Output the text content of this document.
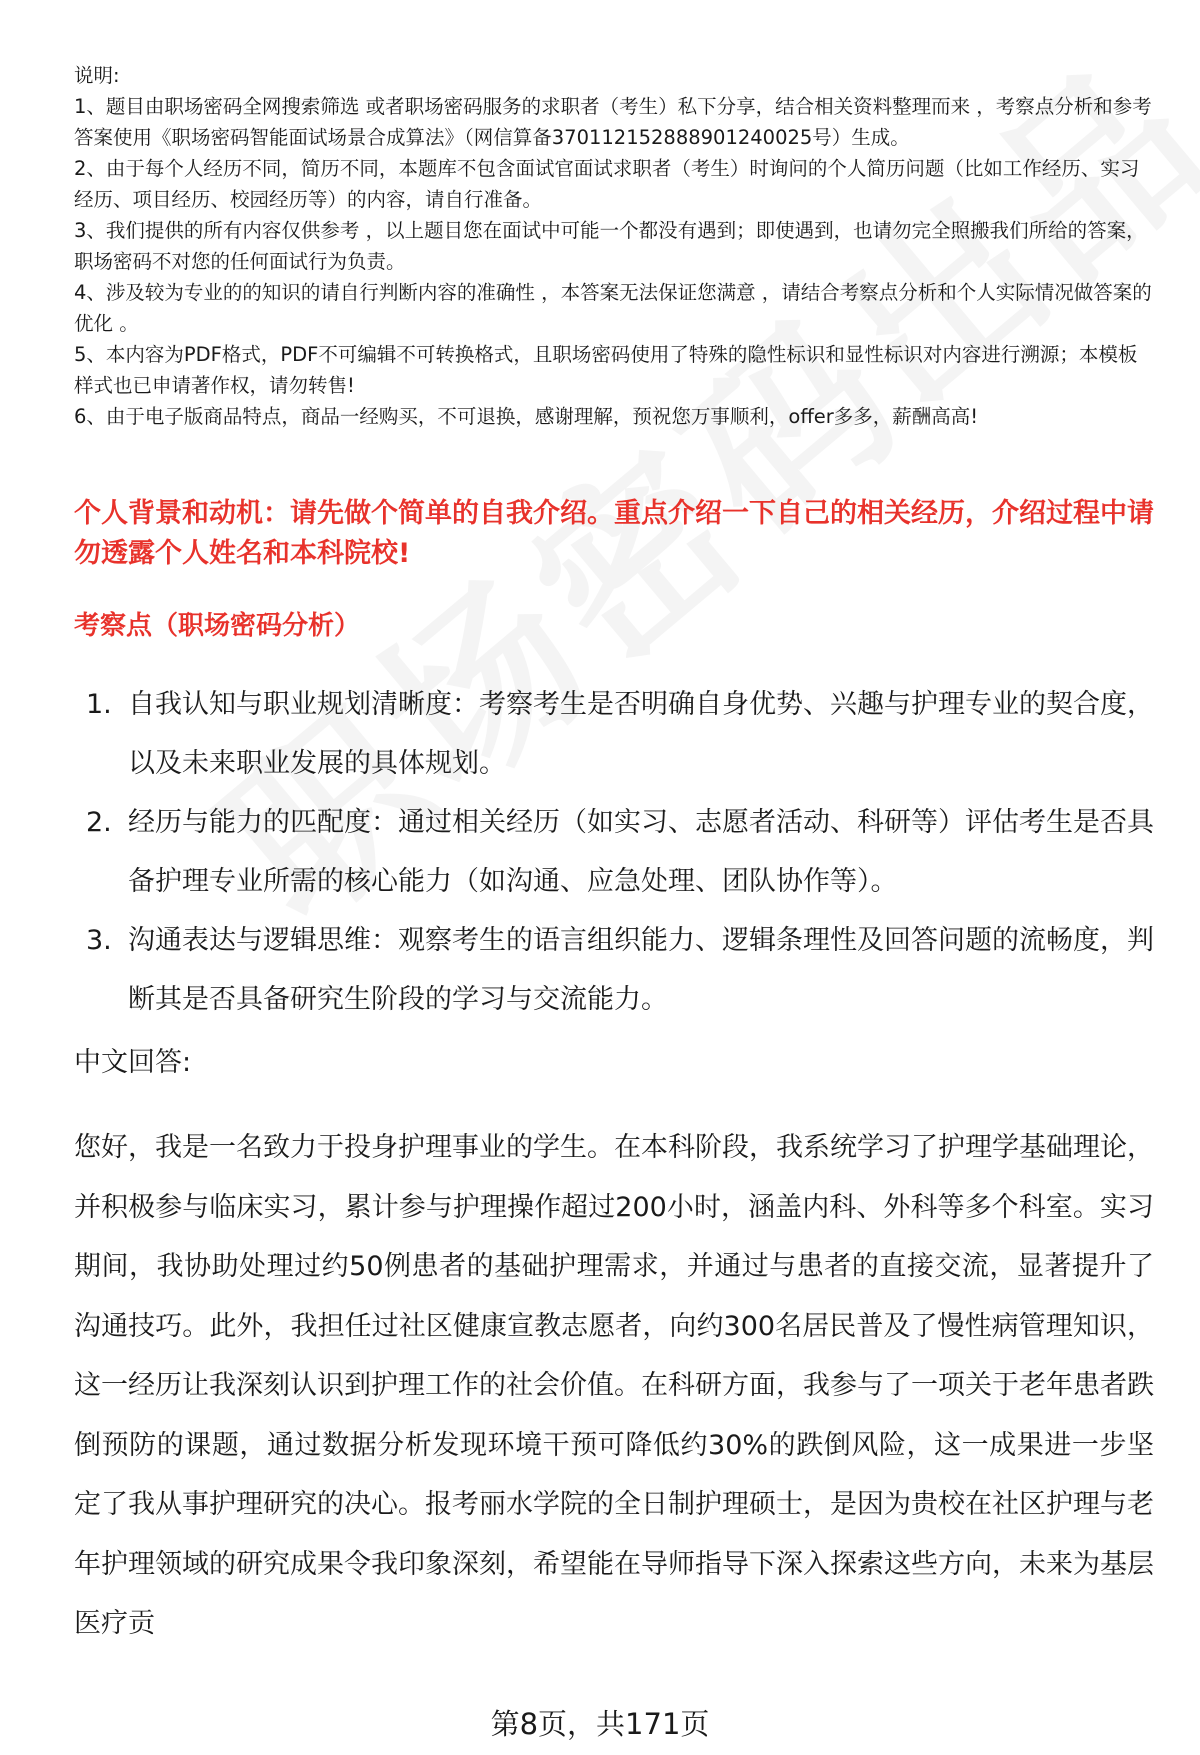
说明:

1、题目由职场密码全网搜索筛选 或者职场密码服务的求职者（考生）私下分享，结合相关资料整理而来 ，考察点分析和参考答案使用《职场密码智能面试场景合成算法》（网信算备370112152888901240025号）生成。

2、由于每个人经历不同，简历不同，本题库不包含面试官面试求职者（考生）时询问的个人简历问题（比如工作经历、实习经历、项目经历、校园经历等）的内容，请自行准备。

3、我们提供的所有内容仅供参考 ，以上题目您在面试中可能一个都没有遇到；即使遇到，也请勿完全照搬我们所给的答案，职场密码不对您的任何面试行为负责。

4、涉及较为专业的的知识的请自行判断内容的准确性 ，本答案无法保证您满意 ，请结合考察点分析和个人实际情况做答案的优化 。

5、本内容为PDF格式，PDF不可编辑不可转换格式，且职场密码使用了特殊的隐性标识和显性标识对内容进行溯源；本模板样式也已申请著作权，请勿转售!

6、由于电子版商品特点，商品一经购买，不可退换，感谢理解，预祝您万事顺利，offer多多，薪酬高高!

个人背景和动机：请先做个简单的自我介绍。重点介绍一下自己的相关经历，介绍过程中请勿透露个人姓名和本科院校!

考察点（职场密码分析）

1. 自我认知与职业规划清晰度：考察考生是否明确自身优势、兴趣与护理专业的契合度，以及未来职业发展的具体规划。
2. 经历与能力的匹配度：通过相关经历（如实习、志愿者活动、科研等）评估考生是否具备护理专业所需的核心能力（如沟通、应急处理、团队协作等）。
3. 沟通表达与逻辑思维：观察考生的语言组织能力、逻辑条理性及回答问题的流畅度，判断其是否具备研究生阶段的学习与交流能力。

中文回答:

您好，我是一名致力于投身护理事业的学生。在本科阶段，我系统学习了护理学基础理论，并积极参与临床实习，累计参与护理操作超过200小时，涵盖内科、外科等多个科室。实习期间，我协助处理过约50例患者的基础护理需求，并通过与患者的直接交流，显著提升了沟通技巧。此外，我担任过社区健康宣教志愿者，向约300名居民普及了慢性病管理知识，这一经历让我深刻认识到护理工作的社会价值。在科研方面，我参与了一项关于老年患者跌倒预防的课题，通过数据分析发现环境干预可降低约30%的跌倒风险，这一成果进一步坚定了我从事护理研究的决心。报考丽水学院的全日制护理硕士，是因为贵校在社区护理与老年护理领域的研究成果令我印象深刻，希望能在导师指导下深入探索这些方向，未来为基层医疗贡

第8页，共171页
